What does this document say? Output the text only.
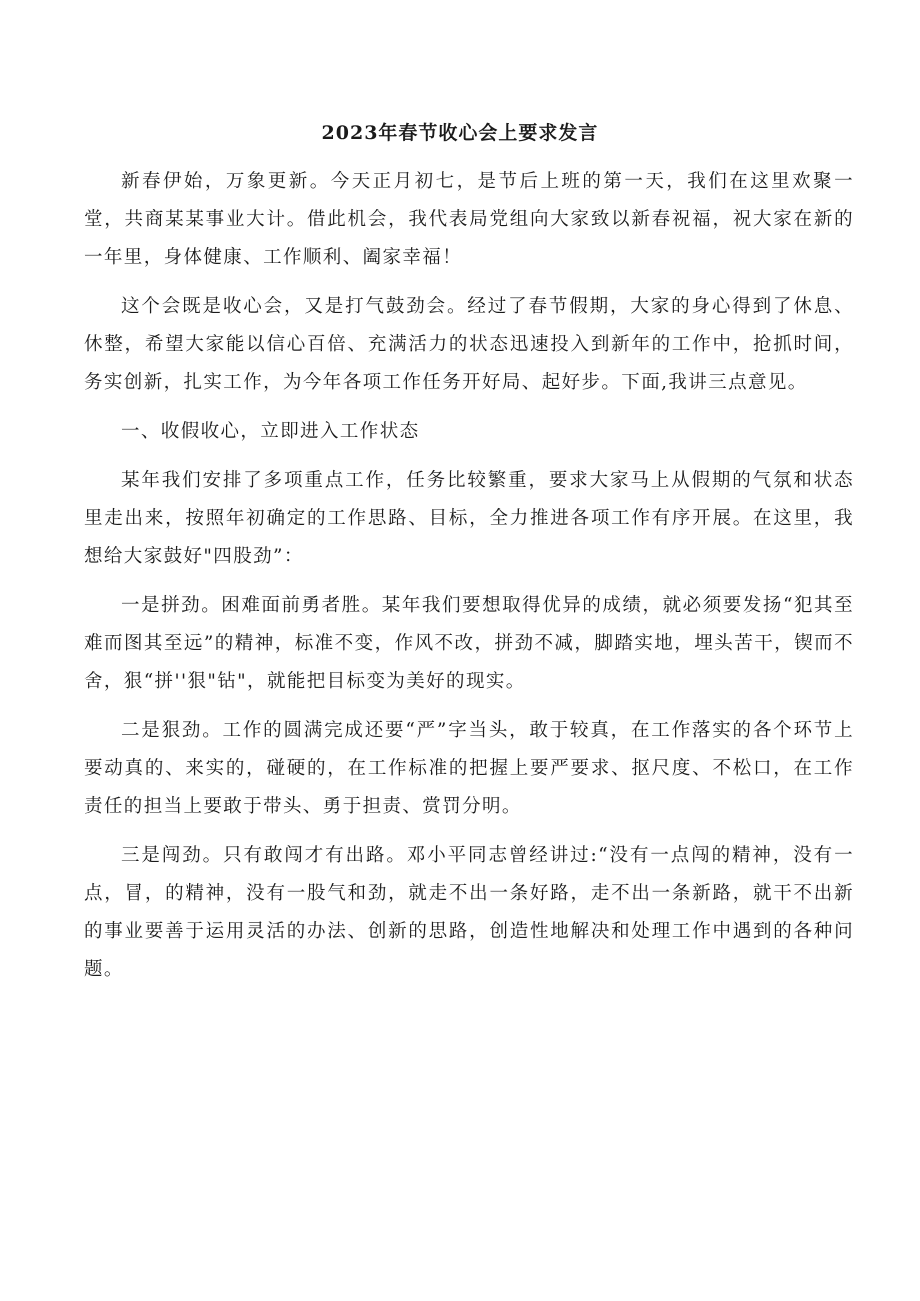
2023年春节收心会上要求发言

新春伊始，万象更新。今天正月初七，是节后上班的第一天，我们在这里欢聚一堂，共商某某事业大计。借此机会，我代表局党组向大家致以新春祝福，祝大家在新的一年里，身体健康、工作顺利、阖家幸福！

这个会既是收心会，又是打气鼓劲会。经过了春节假期，大家的身心得到了休息、休整，希望大家能以信心百倍、充满活力的状态迅速投入到新年的工作中，抢抓时间，务实创新，扎实工作，为今年各项工作任务开好局、起好步。下面,我讲三点意见。

一、收假收心，立即进入工作状态

某年我们安排了多项重点工作，任务比较繁重，要求大家马上从假期的气氛和状态里走出来，按照年初确定的工作思路、目标，全力推进各项工作有序开展。在这里，我想给大家鼓好"四股劲”：

一是拼劲。困难面前勇者胜。某年我们要想取得优异的成绩，就必须要发扬“犯其至难而图其至远”的精神，标准不变，作风不改，拼劲不减，脚踏实地，埋头苦干，锲而不舍，狠“拼''狠"钻"，就能把目标变为美好的现实。

二是狠劲。工作的圆满完成还要“严”字当头，敢于较真，在工作落实的各个环节上要动真的、来实的，碰硬的，在工作标准的把握上要严要求、抠尺度、不松口，在工作责任的担当上要敢于带头、勇于担责、赏罚分明。

三是闯劲。只有敢闯才有出路。邓小平同志曾经讲过:“没有一点闯的精神，没有一点，冒，的精神，没有一股气和劲，就走不出一条好路，走不出一条新路，就干不出新的事业要善于运用灵活的办法、创新的思路，创造性地解决和处理工作中遇到的各种问题。
